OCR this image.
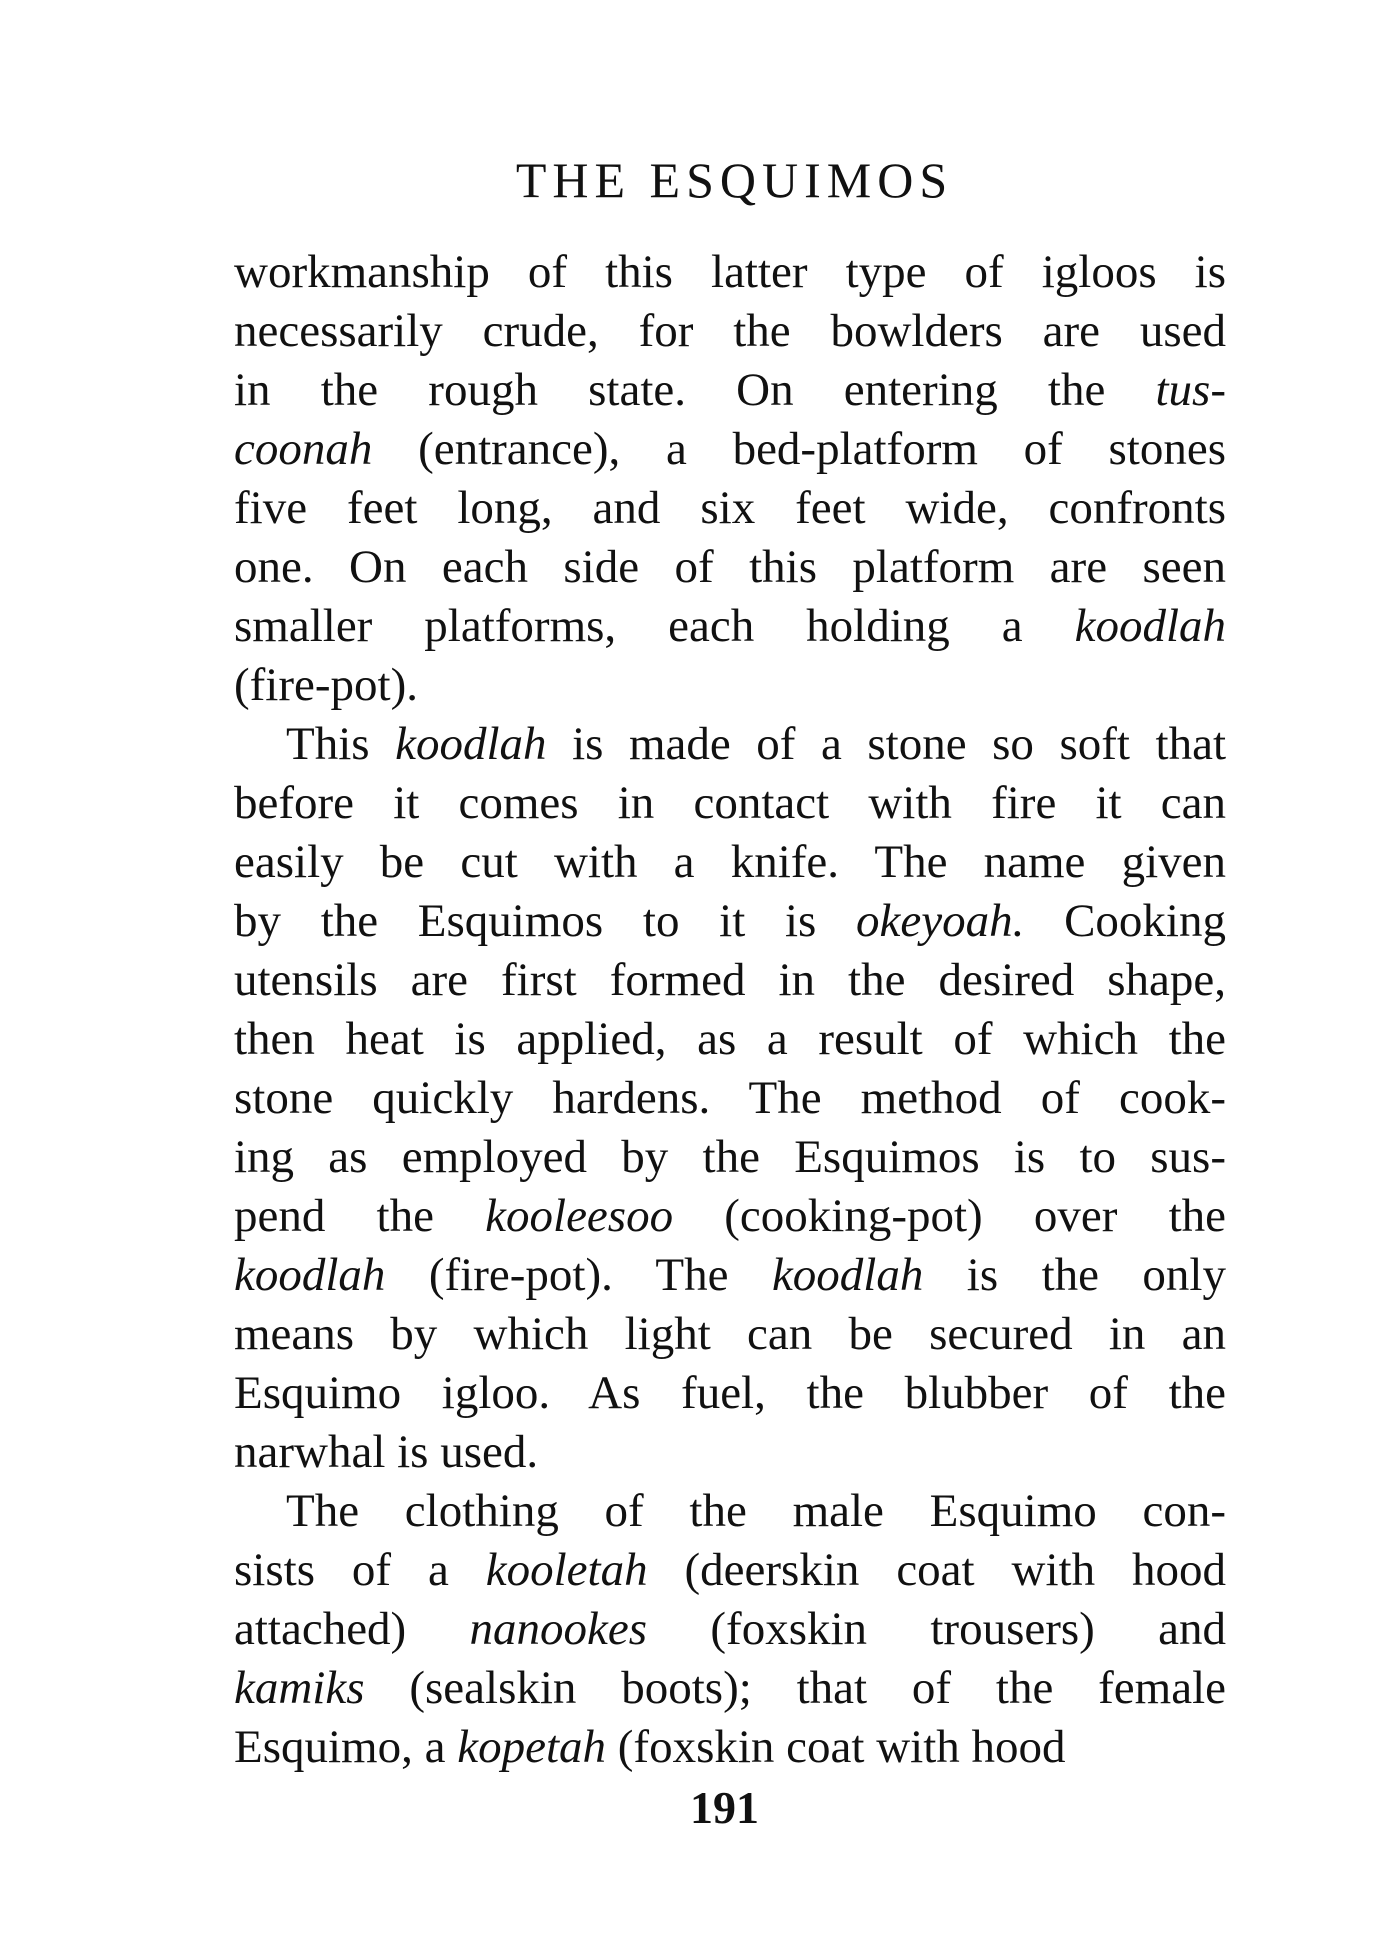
THE ESQUIMOS
workmanship of this latter type of igloos is
necessarily crude, for the bowlders are used
in the rough state. On entering the tus-
coonah (entrance), a bed-platform of stones
five feet long, and six feet wide, confronts
one. On each side of this platform are seen
smaller platforms, each holding a koodlah
(fire-pot).
This koodlah is made of a stone so soft that
before it comes in contact with fire it can
easily be cut with a knife. The name given
by the Esquimos to it is okeyoah. Cooking
utensils are first formed in the desired shape,
then heat is applied, as a result of which the
stone quickly hardens. The method of cook-
ing as employed by the Esquimos is to sus-
pend the kooleesoo (cooking-pot) over the
koodlah (fire-pot). The koodlah is the only
means by which light can be secured in an
Esquimo igloo. As fuel, the blubber of the
narwhal is used.
The clothing of the male Esquimo con-
sists of a kooletah (deerskin coat with hood
attached) nanookes (foxskin trousers) and
kamiks (sealskin boots); that of the female
Esquimo, a kopetah (foxskin coat with hood
191
